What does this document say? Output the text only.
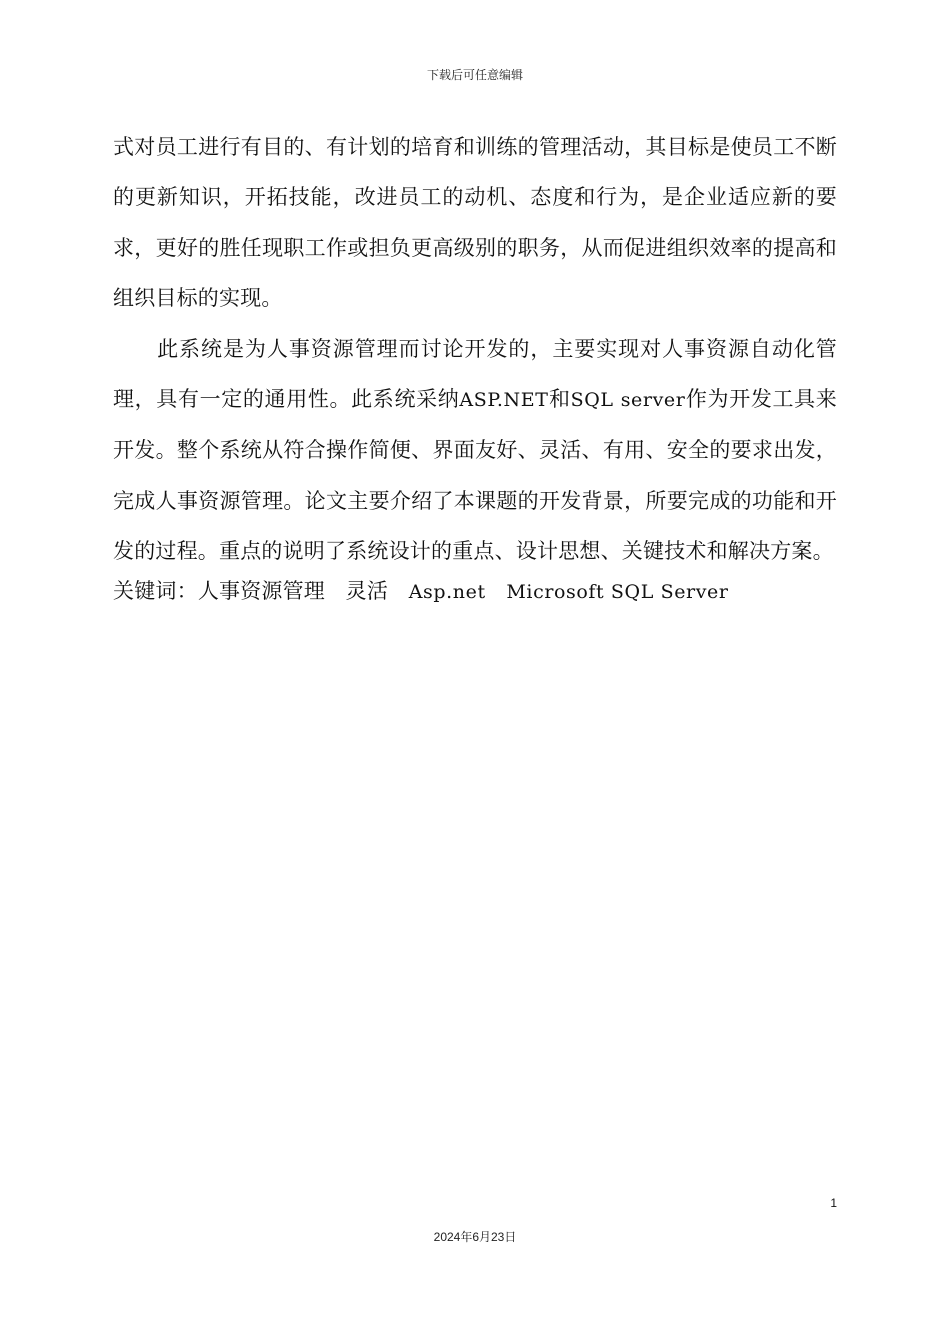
下载后可任意编辑

式对员工进行有目的、有计划的培育和训练的管理活动，其目标是使员工不断的更新知识，开拓技能，改进员工的动机、态度和行为，是企业适应新的要求，更好的胜任现职工作或担负更高级别的职务，从而促进组织效率的提高和组织目标的实现。

此系统是为人事资源管理而讨论开发的，主要实现对人事资源自动化管理，具有一定的通用性。此系统采纳ASP.NET和SQL server作为开发工具来开发。整个系统从符合操作简便、界面友好、灵活、有用、安全的要求出发，完成人事资源管理。论文主要介绍了本课题的开发背景，所要完成的功能和开发的过程。重点的说明了系统设计的重点、设计思想、关键技术和解决方案。

关键词：人事资源管理 灵活 Asp.net Microsoft SQL Server

1
2024年6月23日
